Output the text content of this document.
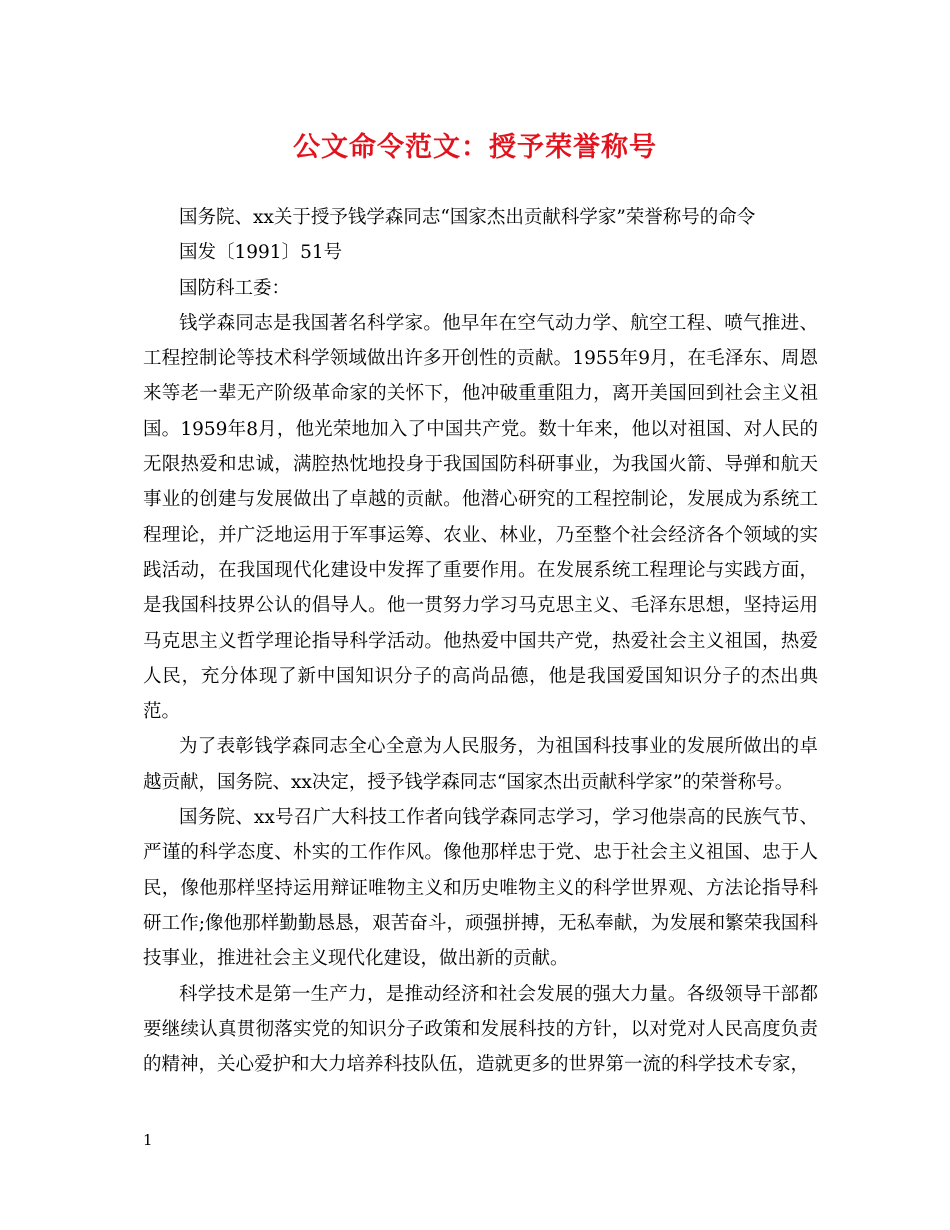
公文命令范文：授予荣誉称号

国务院、xx关于授予钱学森同志“国家杰出贡献科学家”荣誉称号的命令

国发〔1991〕51号

国防科工委：

钱学森同志是我国著名科学家。他早年在空气动力学、航空工程、喷气推进、工程控制论等技术科学领域做出许多开创性的贡献。1955年9月，在毛泽东、周恩来等老一辈无产阶级革命家的关怀下，他冲破重重阻力，离开美国回到社会主义祖国。1959年8月，他光荣地加入了中国共产党。数十年来，他以对祖国、对人民的无限热爱和忠诚，满腔热忱地投身于我国国防科研事业，为我国火箭、导弹和航天事业的创建与发展做出了卓越的贡献。他潜心研究的工程控制论，发展成为系统工程理论，并广泛地运用于军事运筹、农业、林业，乃至整个社会经济各个领域的实践活动，在我国现代化建设中发挥了重要作用。在发展系统工程理论与实践方面，是我国科技界公认的倡导人。他一贯努力学习马克思主义、毛泽东思想，坚持运用马克思主义哲学理论指导科学活动。他热爱中国共产党，热爱社会主义祖国，热爱人民，充分体现了新中国知识分子的高尚品德，他是我国爱国知识分子的杰出典范。

为了表彰钱学森同志全心全意为人民服务，为祖国科技事业的发展所做出的卓越贡献，国务院、xx决定，授予钱学森同志“国家杰出贡献科学家”的荣誉称号。

国务院、xx号召广大科技工作者向钱学森同志学习，学习他崇高的民族气节、严谨的科学态度、朴实的工作作风。像他那样忠于党、忠于社会主义祖国、忠于人民，像他那样坚持运用辩证唯物主义和历史唯物主义的科学世界观、方法论指导科研工作;像他那样勤勤恳恳，艰苦奋斗，顽强拼搏，无私奉献，为发展和繁荣我国科技事业，推进社会主义现代化建设，做出新的贡献。

科学技术是第一生产力，是推动经济和社会发展的强大力量。各级领导干部都要继续认真贯彻落实党的知识分子政策和发展科技的方针，以对党对人民高度负责的精神，关心爱护和大力培养科技队伍，造就更多的世界第一流的科学技术专家，

1
